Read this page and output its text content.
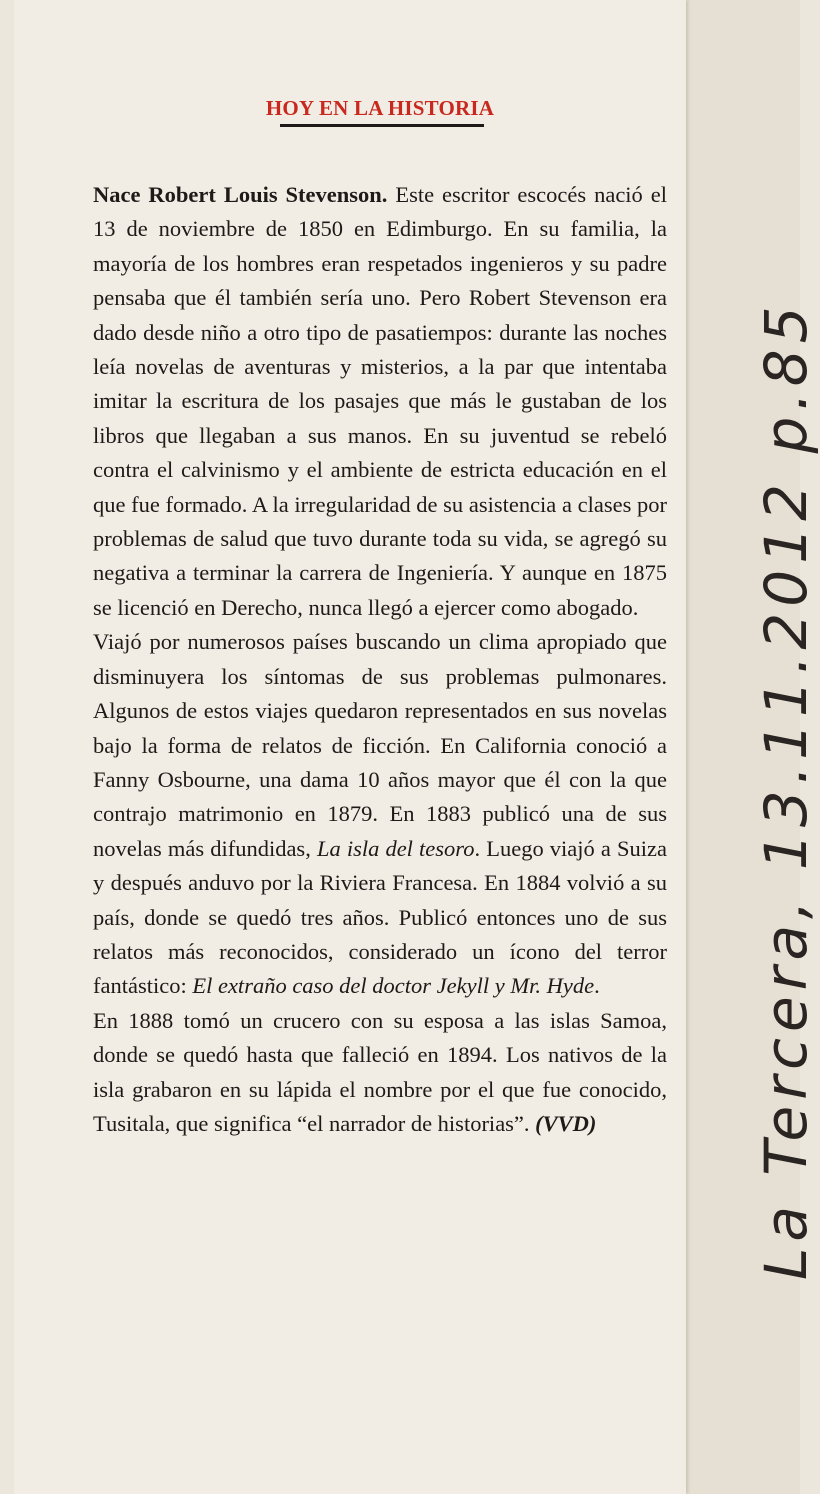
HOY EN LA HISTORIA

Nace Robert Louis Stevenson. Este escritor escocés nació el 13 de noviembre de 1850 en Edimburgo. En su familia, la mayoría de los hombres eran respetados ingenieros y su padre pensaba que él también sería uno. Pero Robert Stevenson era dado desde niño a otro tipo de pasatiempos: durante las noches leía novelas de aventuras y misterios, a la par que intentaba imitar la escritura de los pasajes que más le gustaban de los libros que llegaban a sus manos. En su juventud se rebeló contra el calvinismo y el ambiente de estricta educación en el que fue formado. A la irregularidad de su asistencia a clases por problemas de salud que tuvo durante toda su vida, se agregó su negativa a terminar la carrera de Ingeniería. Y aunque en 1875 se licenció en Derecho, nunca llegó a ejercer como abogado.

Viajó por numerosos países buscando un clima apropiado que disminuyera los síntomas de sus problemas pulmonares. Algunos de estos viajes quedaron representados en sus novelas bajo la forma de relatos de ficción. En California conoció a Fanny Osbourne, una dama 10 años mayor que él con la que contrajo matrimonio en 1879. En 1883 publicó una de sus novelas más difundidas, La isla del tesoro. Luego viajó a Suiza y después anduvo por la Riviera Francesa. En 1884 volvió a su país, donde se quedó tres años. Publicó entonces uno de sus relatos más reconocidos, considerado un ícono del terror fantástico: El extraño caso del doctor Jekyll y Mr. Hyde.

En 1888 tomó un crucero con su esposa a las islas Samoa, donde se quedó hasta que falleció en 1894. Los nativos de la isla grabaron en su lápida el nombre por el que fue conocido, Tusitala, que significa “el narrador de historias”. (VVD)	La Tercera, 13.11.2012 p.85
